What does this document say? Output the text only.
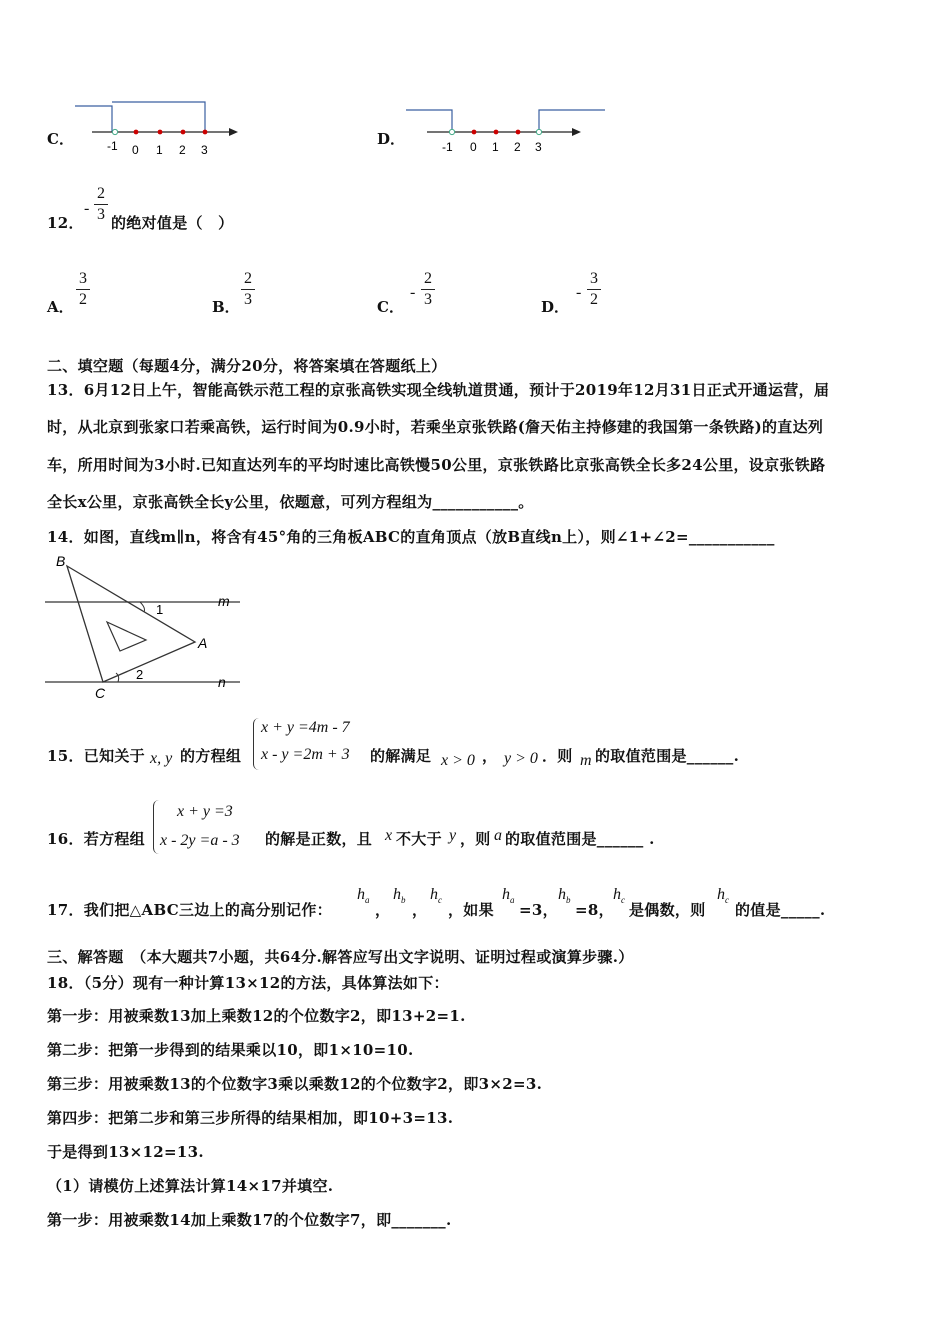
C．	-1 0 1 2 3
D．	-1 0 1 2 3
12．
-
2
3 的绝对值是（　）
A．
3
2	B．
2
3	C．
-
2
3	D．
-
3
2
二、填空题（每题4分，满分20分，将答案填在答题纸上）
13．6月12日上午，智能高铁示范工程的京张高铁实现全线轨道贯通，预计于2019年12月31日正式开通运营，届
时，从北京到张家口若乘高铁，运行时间为0.9小时，若乘坐京张铁路(詹天佑主持修建的我国第一条铁路)的直达列
车，所用时间为3小时.已知直达列车的平均时速比高铁慢50公里，京张铁路比京张高铁全长多24公里，设京张铁路
全长x公里，京张高铁全长y公里，依题意，可列方程组为___________。
14．如图，直线m∥n，将含有45°角的三角板ABC的直角顶点（放B直线n上），则∠1+∠2=___________
B
A
C
m
n
1
2
15．已知关于 x, y 的方程组
x + y =4m - 7
x - y =2m + 3 的解满足 x > 0 ， y > 0 ．则 m 的取值范围是______.
16．若方程组
x + y =3
x - 2y =a - 3 的解是正数，且 x 不大于 y ，则 a 的取值范围是______ .
17．我们把△ABC三边上的高分别记作：
$h_a$
，
$h_b$
，
$h_c$
，如果
$h_a$
=3，
$h_b$
=8，
$h_c$
是偶数，则
$h_c$
的值是_____.
三、解答题　（本大题共7小题，共64分.解答应写出文字说明、证明过程或演算步骤.）
18．（5分）现有一种计算13×12的方法，具体算法如下：
第一步：用被乘数13加上乘数12的个位数字2，即13+2=1.
第二步：把第一步得到的结果乘以10，即1×10=10.
第三步：用被乘数13的个位数字3乘以乘数12的个位数字2，即3×2=3.
第四步：把第二步和第三步所得的结果相加，即10+3=13.
于是得到13×12=13.
（1）请模仿上述算法计算14×17并填空.
第一步：用被乘数14加上乘数17的个位数字7，即_______.
